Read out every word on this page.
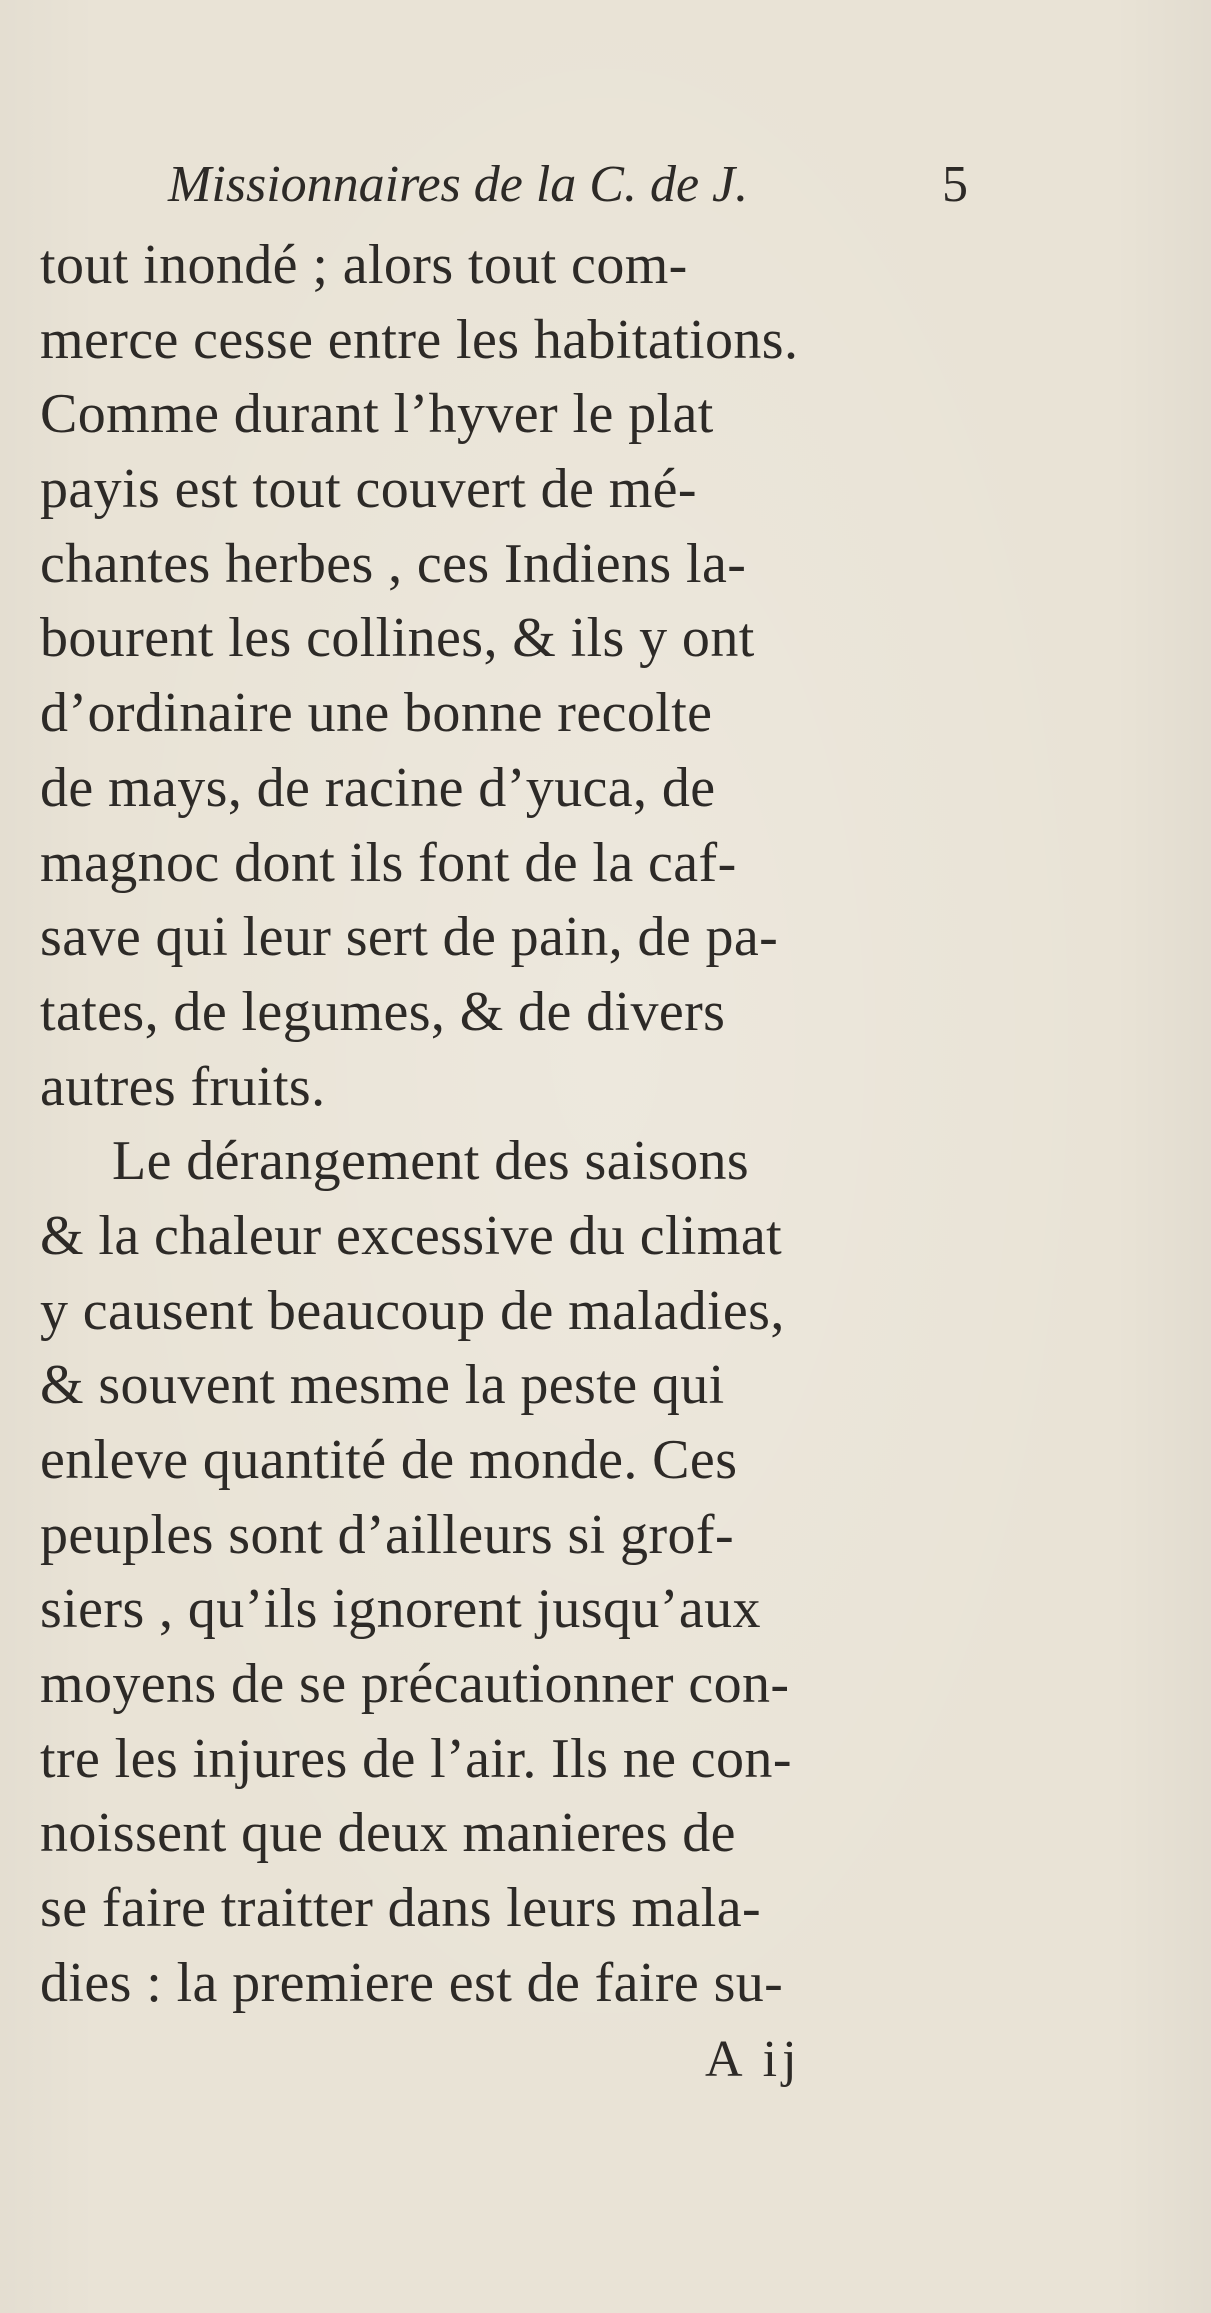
Missionnaires de la C. de J.	5
tout inondé ; alors tout com-
merce cesse entre les habitations.
Comme durant l’hyver le plat
payis est tout couvert de mé-
chantes herbes , ces Indiens la-
bourent les collines, & ils y ont
d’ordinaire une bonne recolte
de mays, de racine d’yuca, de
magnoc dont ils font de la caf-
save qui leur sert de pain, de pa-
tates, de legumes, & de divers
autres fruits.
Le dérangement des saisons
& la chaleur excessive du climat
y causent beaucoup de maladies,
& souvent mesme la peste qui
enleve quantité de monde. Ces
peuples sont d’ailleurs si grof-
siers , qu’ils ignorent jusqu’aux
moyens de se précautionner con-
tre les injures de l’air. Ils ne con-
noissent que deux manieres de
se faire traitter dans leurs mala-
dies : la premiere est de faire su-
A ij
